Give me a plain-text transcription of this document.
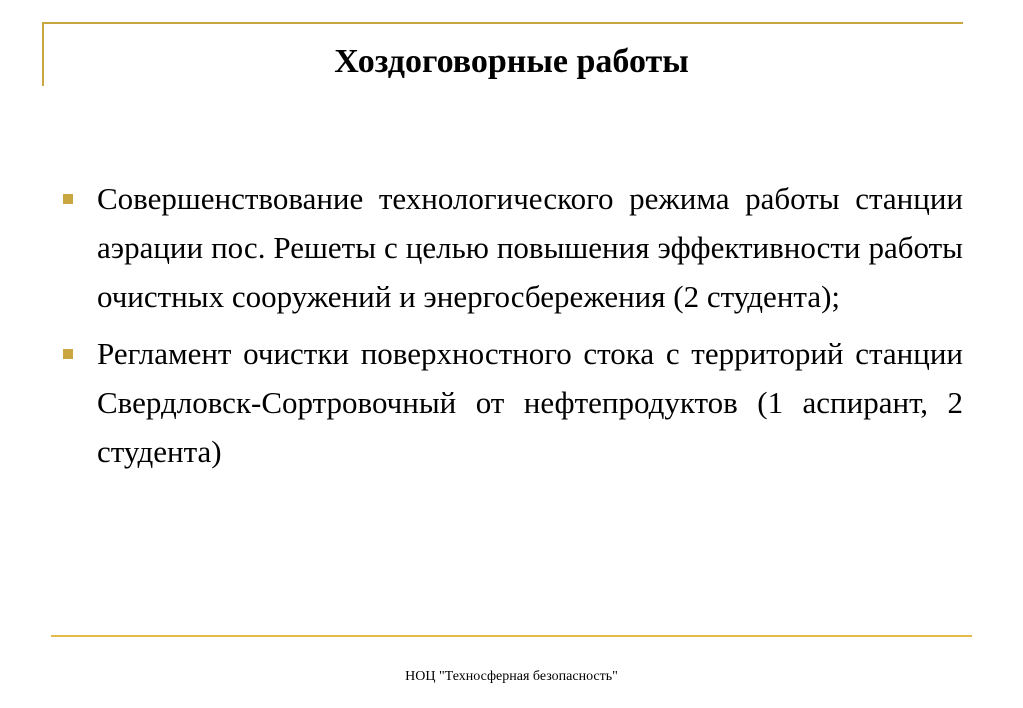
Хоздоговорные работы
Совершенствование технологического режима работы станции аэрации пос. Решеты с целью повышения эффективности работы очистных сооружений и энергосбережения (2 студента);
Регламент очистки поверхностного стока с территорий станции Свердловск-Сортровочный от нефтепродуктов (1 аспирант, 2 студента)
НОЦ "Техносферная безопасность"
